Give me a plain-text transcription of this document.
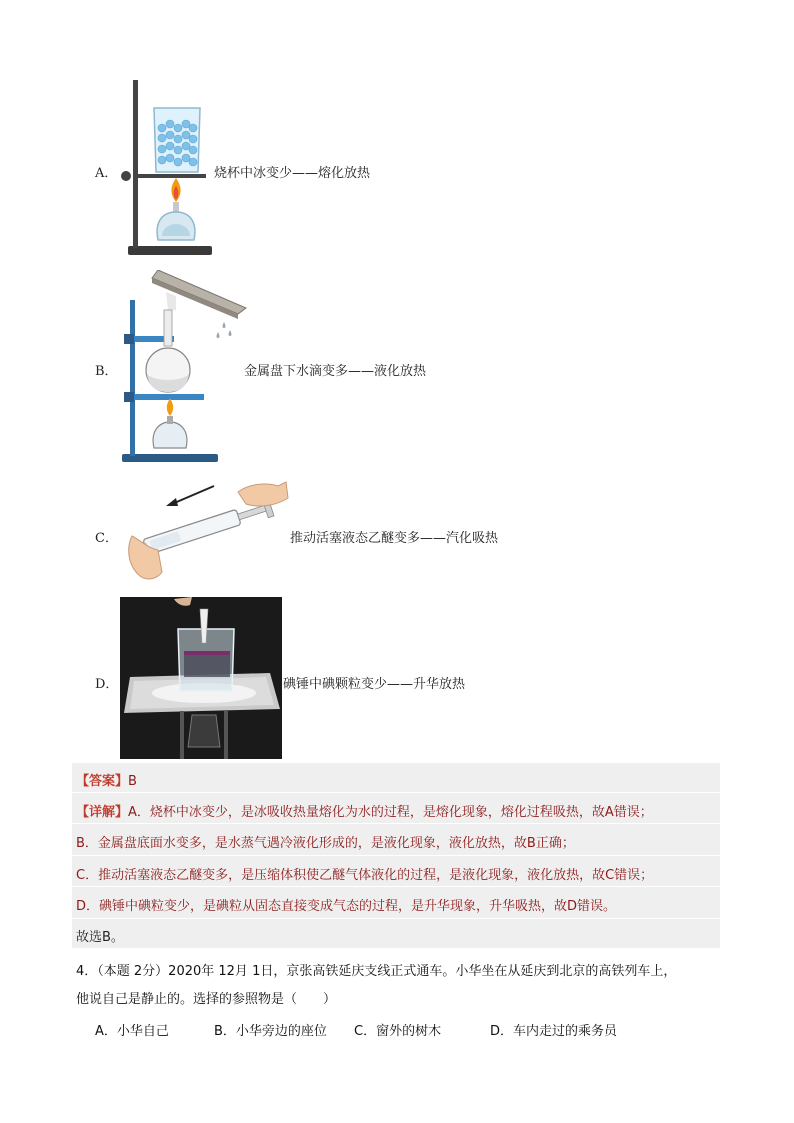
A．	烧杯中冰变少——熔化放热
B．	金属盘下水滴变多——液化放热
C．	推动活塞液态乙醚变多——汽化吸热
D．	碘锤中碘颗粒变少——升华放热
【答案】B
【详解】A．烧杯中冰变少，是冰吸收热量熔化为水的过程，是熔化现象，熔化过程吸热，故A错误；
B．金属盘底面水变多，是水蒸气遇冷液化形成的，是液化现象，液化放热，故B正确；
C．推动活塞液态乙醚变多，是压缩体积使乙醚气体液化的过程，是液化现象，液化放热，故C错误；
D．碘锤中碘粒变少，是碘粒从固态直接变成气态的过程，是升华现象，升华吸热，故D错误。
故选B。
4．（本题 2分）2020年 12月 1日，京张高铁延庆支线正式通车。小华坐在从延庆到北京的高铁列车上，
他说自己是静止的。选择的参照物是（　　）
A．小华自己	B．小华旁边的座位 C．窗外的树木	D．车内走过的乘务员
